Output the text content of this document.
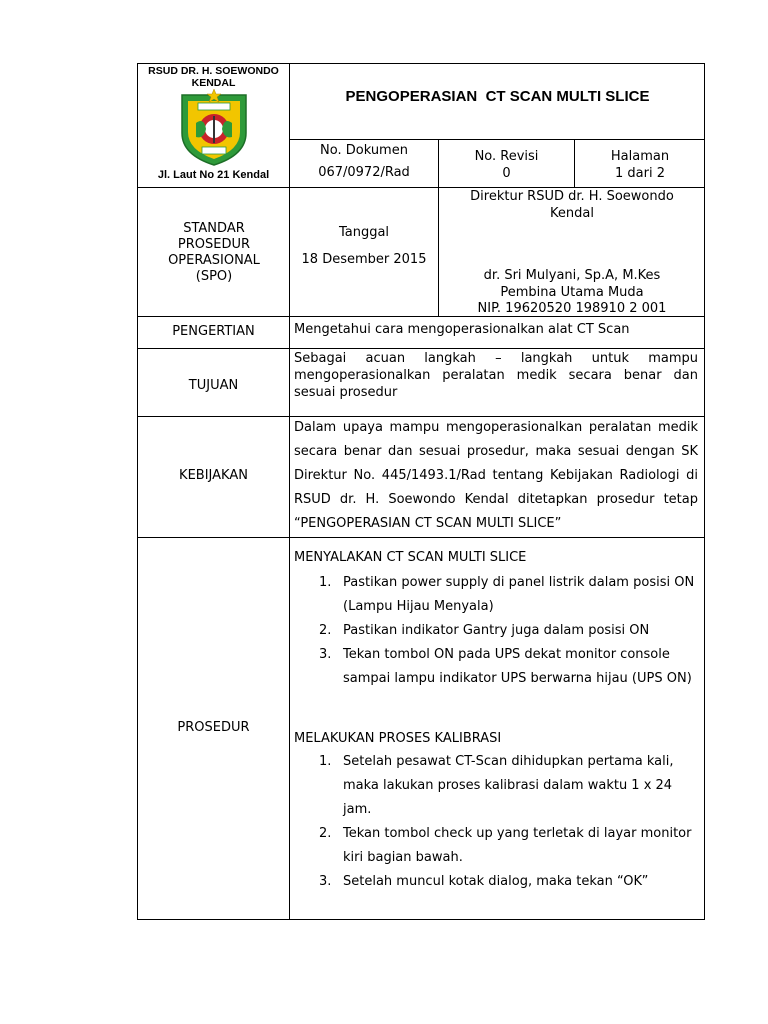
RSUD DR. H. SOEWONDO KENDAL
Jl. Laut No 21 Kendal
PENGOPERASIAN  CT SCAN MULTI SLICE
No. Dokumen
067/0972/Rad
No. Revisi
0
Halaman
1 dari 2
STANDAR PROSEDUR OPERASIONAL (SPO)
Tanggal
18 Desember 2015
Direktur RSUD dr. H. Soewondo Kendal
dr. Sri Mulyani, Sp.A, M.Kes
Pembina Utama Muda
NIP. 19620520 198910 2 001
PENGERTIAN	Mengetahui cara mengoperasionalkan alat CT Scan
TUJUAN
Sebagai acuan langkah – langkah untuk mampu mengoperasionalkan peralatan medik secara benar dan sesuai prosedur
KEBIJAKAN
Dalam upaya mampu mengoperasionalkan peralatan medik secara benar dan sesuai prosedur, maka sesuai dengan SK Direktur No. 445/1493.1/Rad tentang Kebijakan Radiologi di RSUD dr. H. Soewondo Kendal ditetapkan prosedur tetap “PENGOPERASIAN CT SCAN MULTI SLICE”
PROSEDUR
MENYALAKAN CT SCAN MULTI SLICE
1. Pastikan power supply di panel listrik dalam posisi ON (Lampu Hijau Menyala)
2. Pastikan indikator Gantry juga dalam posisi ON
3. Tekan tombol ON pada UPS dekat monitor console sampai lampu indikator UPS berwarna hijau (UPS ON)
MELAKUKAN PROSES KALIBRASI
1. Setelah pesawat CT-Scan dihidupkan pertama kali, maka lakukan proses kalibrasi dalam waktu 1 x 24 jam.
2. Tekan tombol check up yang terletak di layar monitor kiri bagian bawah.
3. Setelah muncul kotak dialog, maka tekan “OK”
